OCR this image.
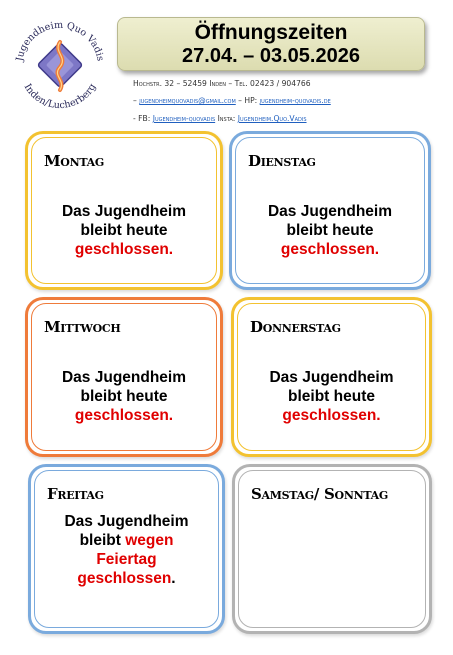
Jugendheim Quo Vadis
Inden/Lucherberg
Öffnungszeiten
27.04. – 03.05.2026
Hochstr. 32 – 52459 Inden – Tel. 02423 / 904766
– jugendheimquovadis@gmail.com – HP: jugendheim-quovadis.de
- FB: Jugendheim-quovadis Insta: Jugendheim.Quo.Vadis
Montag
Das Jugendheim
bleibt heute
geschlossen.
Dienstag
Das Jugendheim
bleibt heute
geschlossen.
Mittwoch
Das Jugendheim
bleibt heute
geschlossen.
Donnerstag
Das Jugendheim
bleibt heute
geschlossen.
Freitag
Das Jugendheim
bleibt wegen
Feiertag
geschlossen.
Samstag/ Sonntag
